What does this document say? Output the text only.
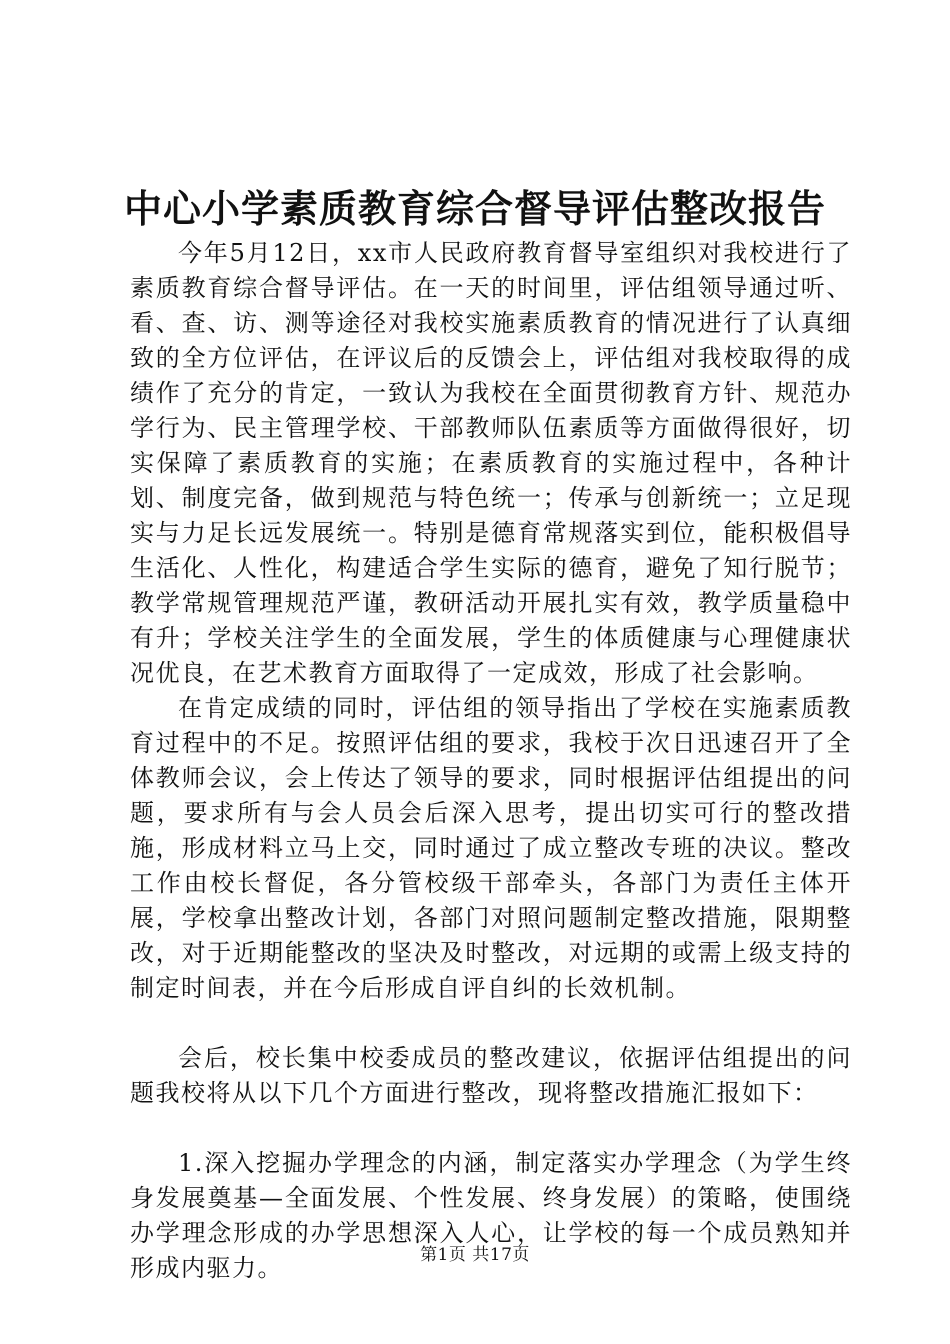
中心小学素质教育综合督导评估整改报告

今年5月12日，xx市人民政府教育督导室组织对我校进行了素质教育综合督导评估。在一天的时间里，评估组领导通过听、看、查、访、测等途径对我校实施素质教育的情况进行了认真细致的全方位评估，在评议后的反馈会上，评估组对我校取得的成绩作了充分的肯定，一致认为我校在全面贯彻教育方针、规范办学行为、民主管理学校、干部教师队伍素质等方面做得很好，切实保障了素质教育的实施；在素质教育的实施过程中，各种计划、制度完备，做到规范与特色统一；传承与创新统一；立足现实与力足长远发展统一。特别是德育常规落实到位，能积极倡导生活化、人性化，构建适合学生实际的德育，避免了知行脱节；教学常规管理规范严谨，教研活动开展扎实有效，教学质量稳中有升；学校关注学生的全面发展，学生的体质健康与心理健康状况优良，在艺术教育方面取得了一定成效，形成了社会影响。

在肯定成绩的同时，评估组的领导指出了学校在实施素质教育过程中的不足。按照评估组的要求，我校于次日迅速召开了全体教师会议，会上传达了领导的要求，同时根据评估组提出的问题，要求所有与会人员会后深入思考，提出切实可行的整改措施，形成材料立马上交，同时通过了成立整改专班的决议。整改工作由校长督促，各分管校级干部牵头，各部门为责任主体开展，学校拿出整改计划，各部门对照问题制定整改措施，限期整改，对于近期能整改的坚决及时整改，对远期的或需上级支持的制定时间表，并在今后形成自评自纠的长效机制。

会后，校长集中校委成员的整改建议，依据评估组提出的问题我校将从以下几个方面进行整改，现将整改措施汇报如下：

1.深入挖掘办学理念的内涵，制定落实办学理念（为学生终身发展奠基—全面发展、个性发展、终身发展）的策略，使围绕办学理念形成的办学思想深入人心，让学校的每一个成员熟知并形成内驱力。	第1页 共17页
